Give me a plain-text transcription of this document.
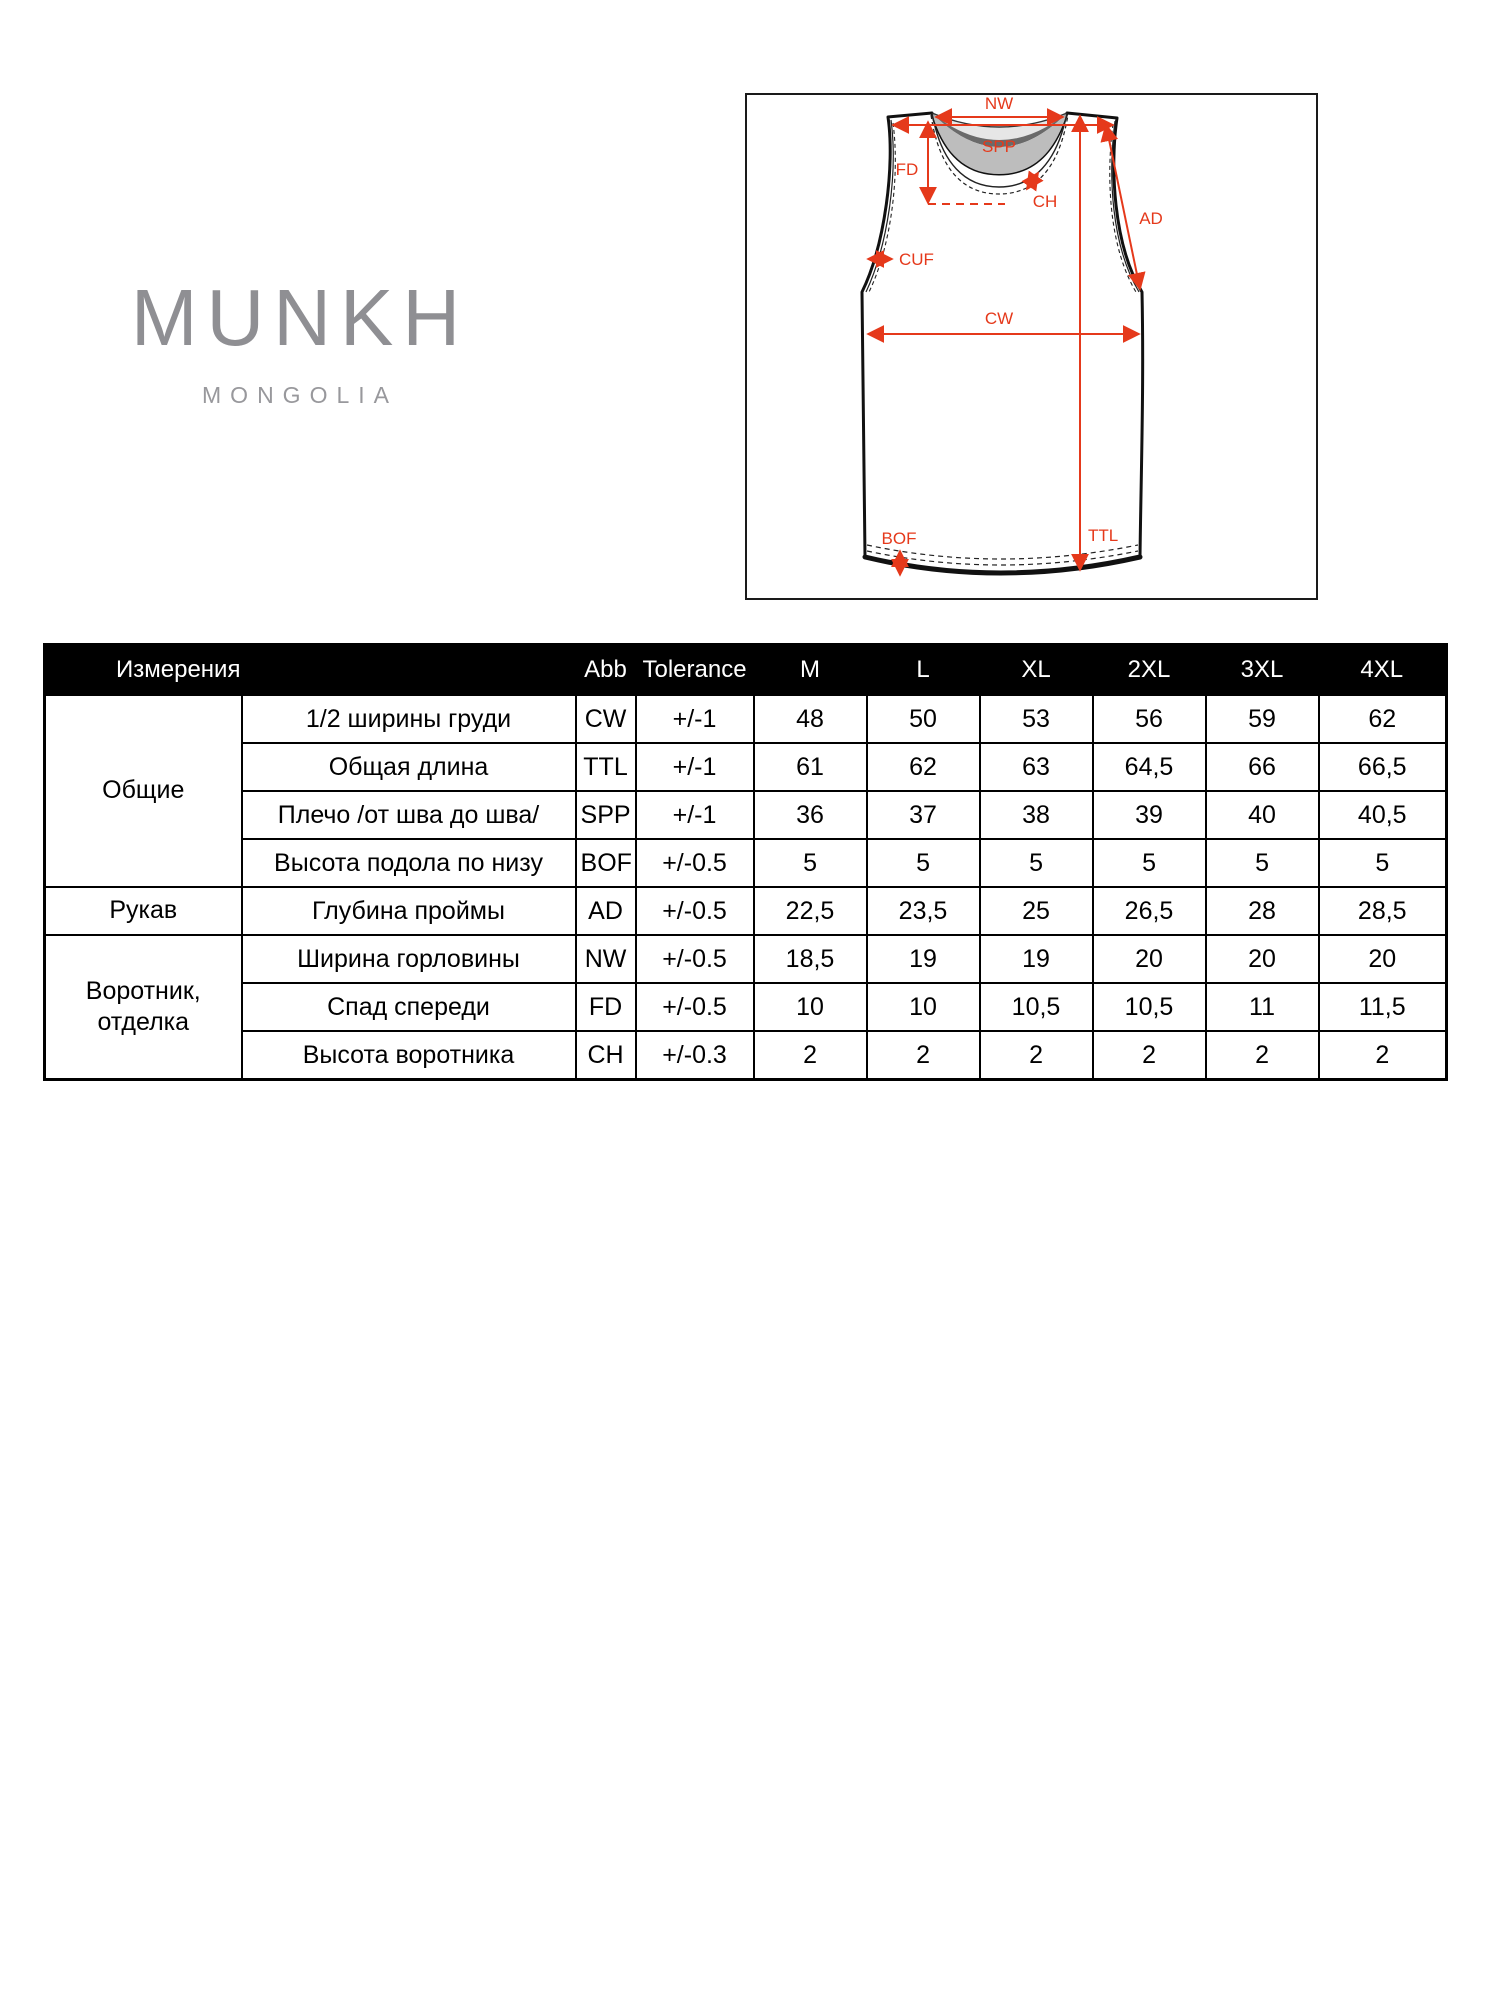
MUNKH
MONGOLIA
NW
SPP
FD
CH
AD
CUF
CW
TTL
BOF
Измерения		Abb	Tolerance	M	L	XL	2XL	3XL	4XL
Общие	1/2 ширины груди	CW	+/-1	48	50	53	56	59	62
	Общая длина	TTL	+/-1	61	62	63	64,5	66	66,5
	Плечо /от шва до шва/	SPP	+/-1	36	37	38	39	40	40,5
	Высота подола по низу	BOF	+/-0.5	5	5	5	5	5	5
Рукав	Глубина проймы	AD	+/-0.5	22,5	23,5	25	26,5	28	28,5
Воротник, отделка	Ширина горловины	NW	+/-0.5	18,5	19	19	20	20	20
	Спад спереди	FD	+/-0.5	10	10	10,5	10,5	11	11,5
	Высота воротника	CH	+/-0.3	2	2	2	2	2	2
